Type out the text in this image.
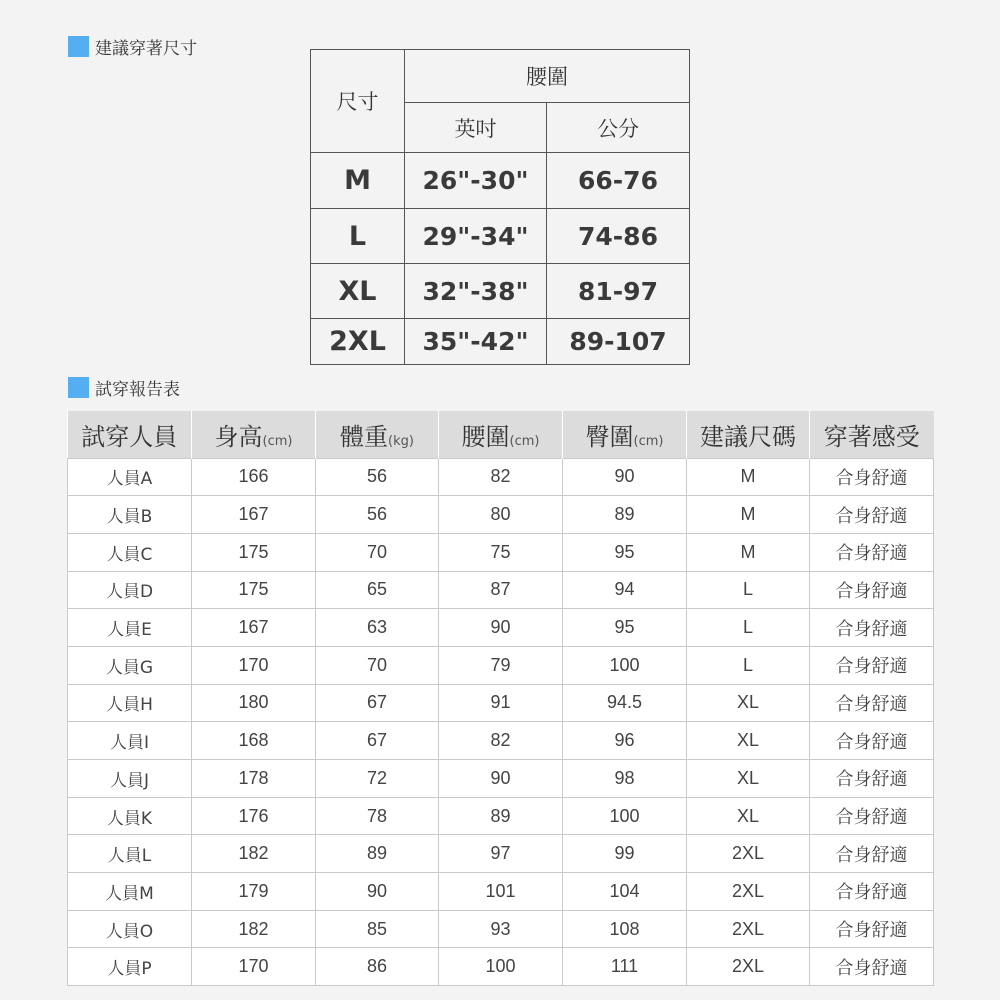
建議穿著尺寸
尺寸	腰圍	
	英吋	公分
M	26"-30"	66-76
L	29"-34"	74-86
XL	32"-38"	81-97
2XL	35"-42"	89-107
試穿報告表
試穿人員	身高(cm)	體重(kg)	腰圍(cm)	臀圍(cm)	建議尺碼	穿著感受
人員A	166	56	82	90	M	合身舒適
人員B	167	56	80	89	M	合身舒適
人員C	175	70	75	95	M	合身舒適
人員D	175	65	87	94	L	合身舒適
人員E	167	63	90	95	L	合身舒適
人員G	170	70	79	100	L	合身舒適
人員H	180	67	91	94.5	XL	合身舒適
人員I	168	67	82	96	XL	合身舒適
人員J	178	72	90	98	XL	合身舒適
人員K	176	78	89	100	XL	合身舒適
人員L	182	89	97	99	2XL	合身舒適
人員M	179	90	101	104	2XL	合身舒適
人員O	182	85	93	108	2XL	合身舒適
人員P	170	86	100	111	2XL	合身舒適
